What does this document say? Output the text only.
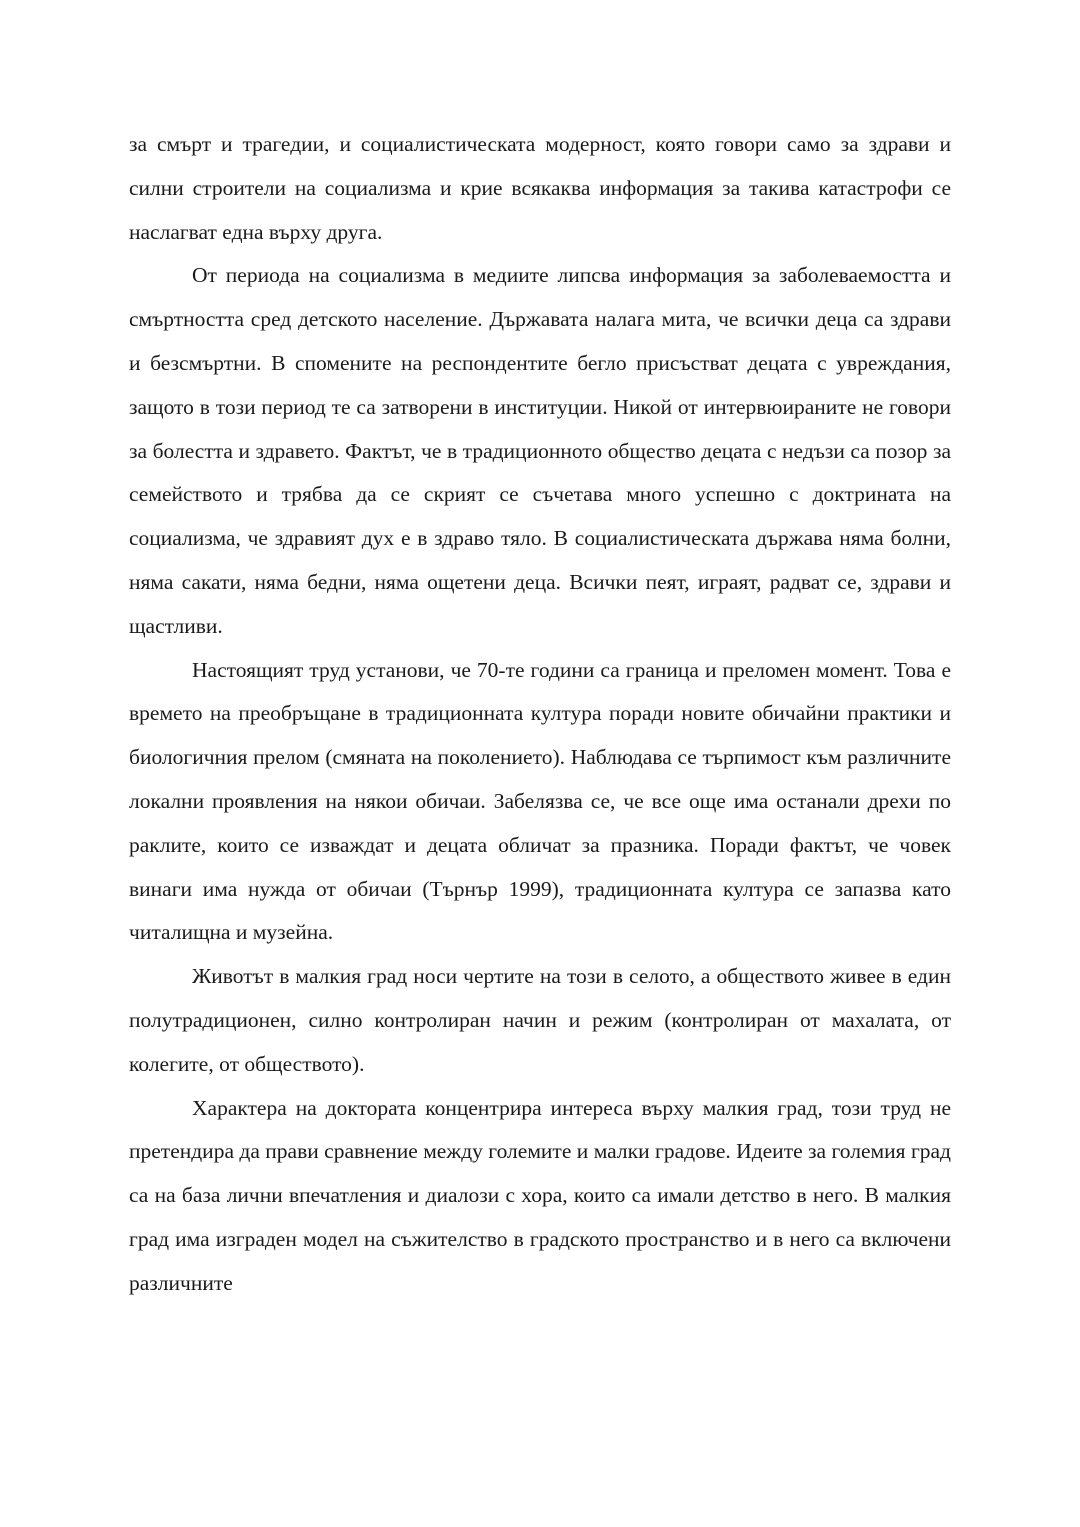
за смърт и трагедии, и социалистическата модерност, която говори само за здрави и силни строители на социализма и крие всякаква информация за такива катастрофи се наслагват една върху друга.

От периода на социализма в медиите липсва информация за заболеваемостта и смъртността сред детското население. Държавата налага мита, че всички деца са здрави и безсмъртни. В спомените на респондентите бегло присъстват децата с увреждания, защото в този период те са затворени в институции. Никой от интервюираните не говори за болестта и здравето. Фактът, че в традиционното общество децата с недъзи са позор за семейството и трябва да се скрият се съчетава много успешно с доктрината на социализма, че здравият дух е в здраво тяло. В социалистическата държава няма болни, няма сакати, няма бедни, няма ощетени деца. Всички пеят, играят, радват се, здрави и щастливи.

Настоящият труд установи, че 70-те години са граница и преломен момент. Това е времето на преобръщане в традиционната култура поради новите обичайни практики и биологичния прелом (смяната на поколението). Наблюдава се търпимост към различните локални проявления на някои обичаи. Забелязва се, че все още има останали дрехи по раклите, които се изваждат и децата обличат за празника. Поради фактът, че човек винаги има нужда от обичаи (Търнър 1999), традиционната култура се запазва като читалищна и музейна.

Животът в малкия град носи чертите на този в селото, а обществото живее в един полутрадиционен, силно контролиран начин и режим (контролиран от махалата, от колегите, от обществото).

Характера на доктората концентрира интереса върху малкия град, този труд не претендира да прави сравнение между големите и малки градове. Идеите за големия град са на база лични впечатления и диалози с хора, които са имали детство в него. В малкия град има изграден модел на съжителство в градското пространство и в него са включени различните
